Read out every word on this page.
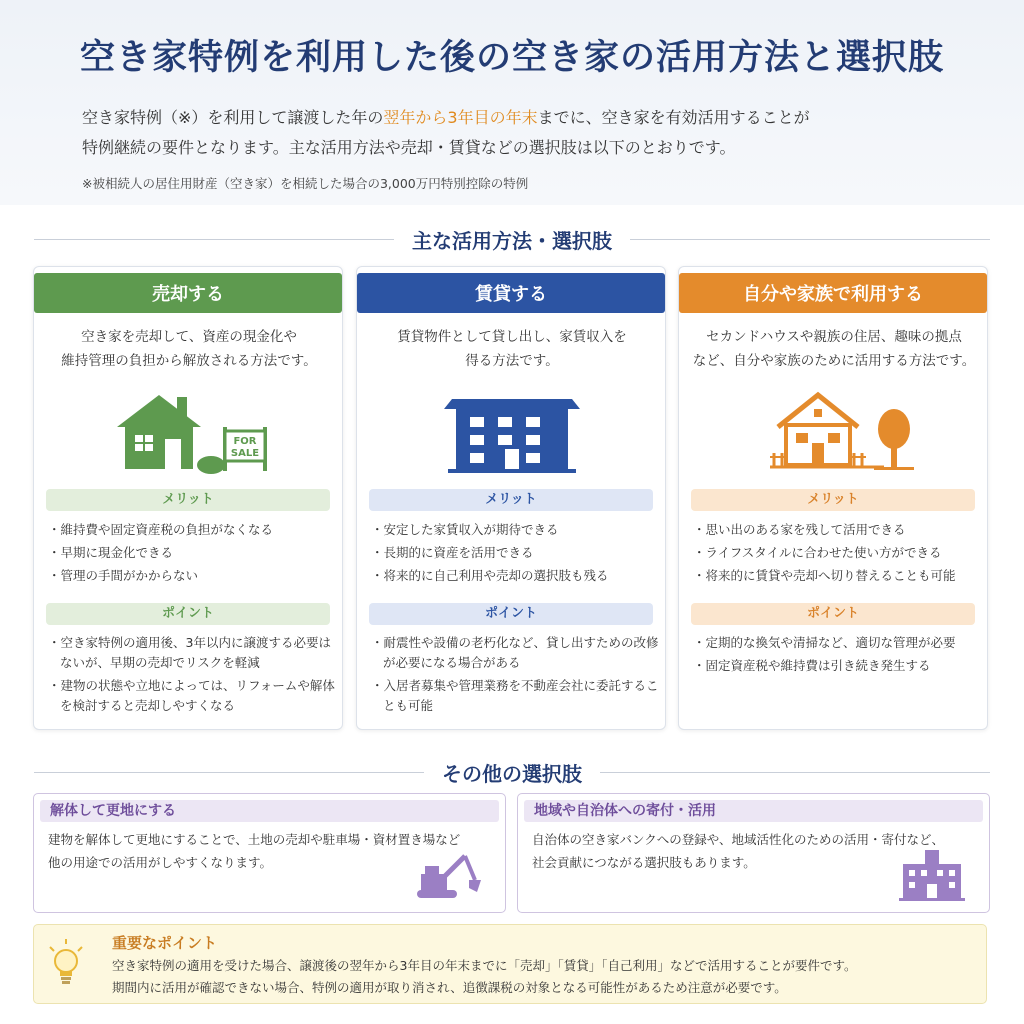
空き家特例を利用した後の空き家の活用方法と選択肢
空き家特例（※）を利用して譲渡した年の翌年から3年目の年末までに、空き家を有効活用することが
特例継続の要件となります。主な活用方法や売却・賃貸などの選択肢は以下のとおりです。
※被相続人の居住用財産（空き家）を相続した場合の3,000万円特別控除の特例
主な活用方法・選択肢
売却する
空き家を売却して、資産の現金化や
維持管理の負担から解放される方法です。
FOR
SALE
メリット
・ 維持費や固定資産税の負担がなくなる
・ 早期に現金化できる
・ 管理の手間がかからない
ポイント
・ 空き家特例の適用後、3年以内に譲渡する必要はないが、早期の売却でリスクを軽減
・ 建物の状態や立地によっては、リフォームや解体を検討すると売却しやすくなる
賃貸する
賃貸物件として貸し出し、家賃収入を
得る方法です。
メリット
・ 安定した家賃収入が期待できる
・ 長期的に資産を活用できる
・ 将来的に自己利用や売却の選択肢も残る
ポイント
・ 耐震性や設備の老朽化など、貸し出すための改修が必要になる場合がある
・ 入居者募集や管理業務を不動産会社に委託することも可能
自分や家族で利用する
セカンドハウスや親族の住居、趣味の拠点
など、自分や家族のために活用する方法です。
メリット
・ 思い出のある家を残して活用できる
・ ライフスタイルに合わせた使い方ができる
・ 将来的に賃貸や売却へ切り替えることも可能
ポイント
・ 定期的な換気や清掃など、適切な管理が必要
・ 固定資産税や維持費は引き続き発生する
その他の選択肢
解体して更地にする
建物を解体して更地にすることで、土地の売却や駐車場・資材置き場など
他の用途での活用がしやすくなります。
地域や自治体への寄付・活用
自治体の空き家バンクへの登録や、地域活性化のための活用・寄付など、
社会貢献につながる選択肢もあります。
重要なポイント
空き家特例の適用を受けた場合、譲渡後の翌年から3年目の年末までに「売却」「賃貸」「自己利用」などで活用することが要件です。
期間内に活用が確認できない場合、特例の適用が取り消され、追徴課税の対象となる可能性があるため注意が必要です。
